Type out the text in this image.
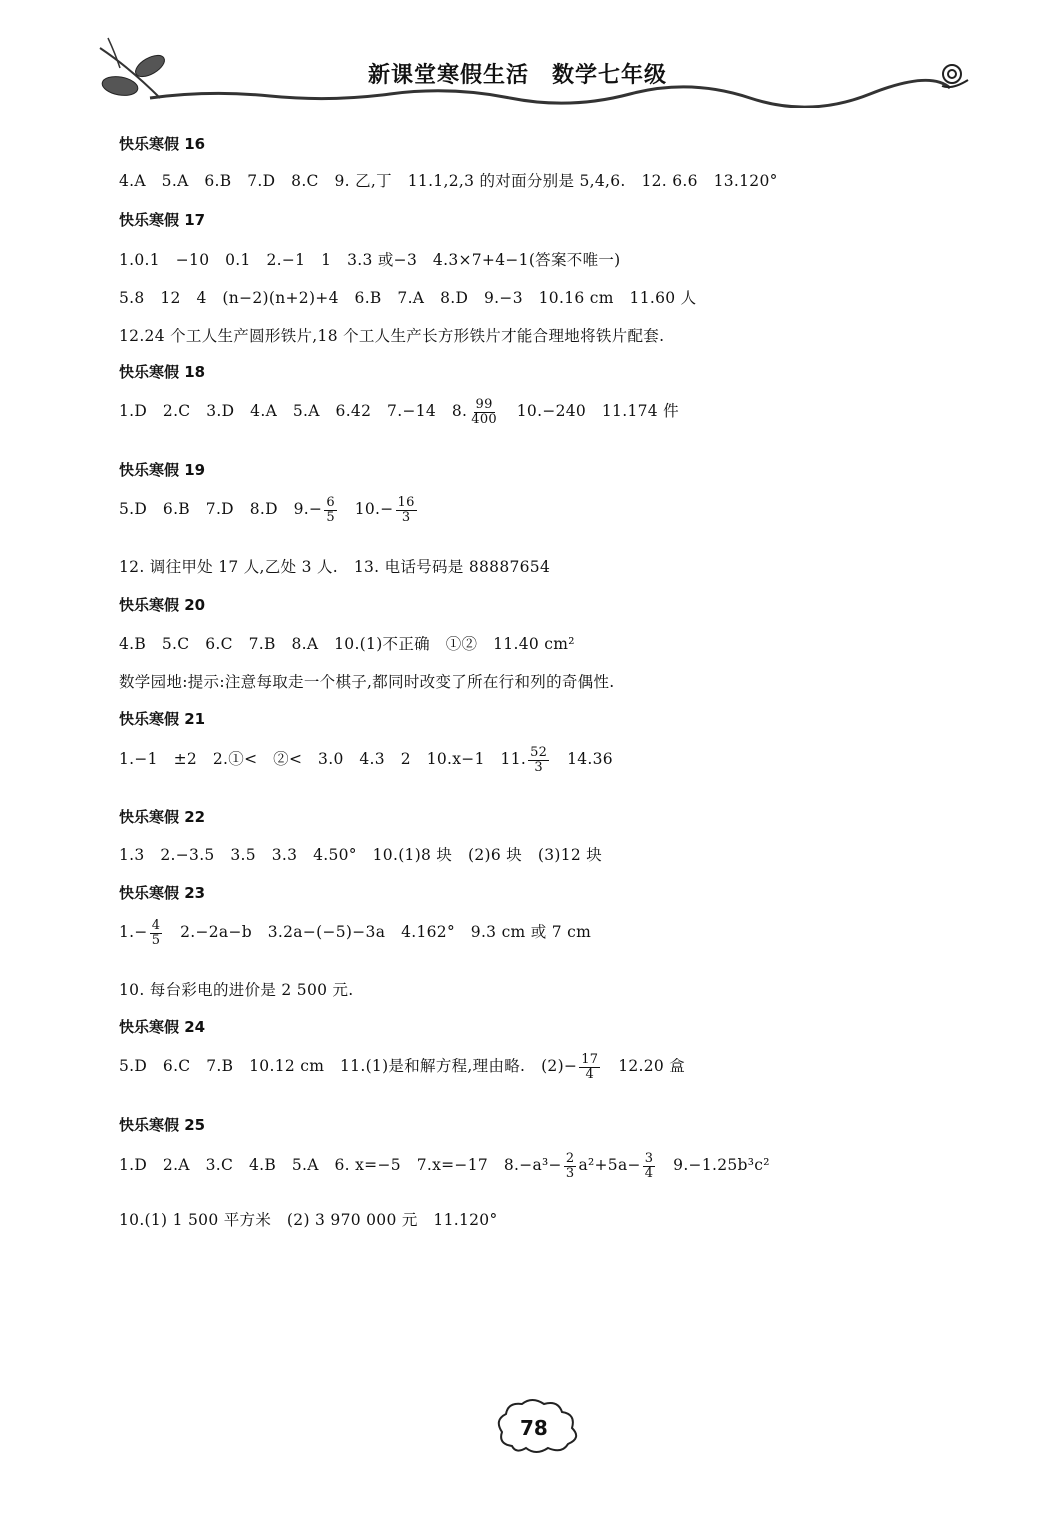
新课堂寒假生活　数学七年级
快乐寒假 16
4.A　5.A　6.B　7.D　8.C　9. 乙,丁　11.1,2,3 的对面分别是 5,4,6.　12. 6.6　13.120°
快乐寒假 17
1.0.1　−10　0.1　2.−1　1　3.3 或−3　4.3×7+4−1(答案不唯一)
5.8　12　4　(n−2)(n+2)+4　6.B　7.A　8.D　9.−3　10.16 cm　11.60 人
12.24 个工人生产圆形铁片,18 个工人生产长方形铁片才能合理地将铁片配套.
快乐寒假 18
1.D　2.C　3.D　4.A　5.A　6.42　7.−14　8. $\frac{99}{400}$ 　10.−240　11.174 件
快乐寒假 19
5.D　6.B　7.D　8.D　$9.- \frac{6}{5}$ 　$10.- \frac{16}{3}$
12. 调往甲处 17 人,乙处 3 人.　13. 电话号码是 88887654
快乐寒假 20
4.B　5.C　6.C　7.B　8.A　10.(1)不正确　①②　11.40 cm²
数学园地:提示:注意每取走一个棋子,都同时改变了所在行和列的奇偶性.
快乐寒假 21
1.−1　±2　2.①<　②<　3.0　4.3　2　10.x−1　11. $\frac{52}{3}$ 　14.36
快乐寒假 22
1.3　2.−3.5　3.5　3.3　4.50°　10.(1)8 块　(2)6 块　(3)12 块
快乐寒假 23
$1.- \frac{4}{5}$ 　2.−2a−b　3.2a−(−5)−3a　4.162°　9.3 cm 或 7 cm
10. 每台彩电的进价是 2 500 元.
快乐寒假 24
5.D　6.C　7.B　10.12 cm　11.(1)是和解方程,理由略.　$(2)- \frac{17}{4}$ 　12.20 盒
快乐寒假 25
1.D　2.A　3.C　4.B　5.A　6. x=−5　7.x=−17　$8.-a^3- \frac{2}{3} a^2+5a- \frac{3}{4}$ 　9.−1.25b³c²
10.(1) 1 500 平方米　(2) 3 970 000 元　11.120°
78
